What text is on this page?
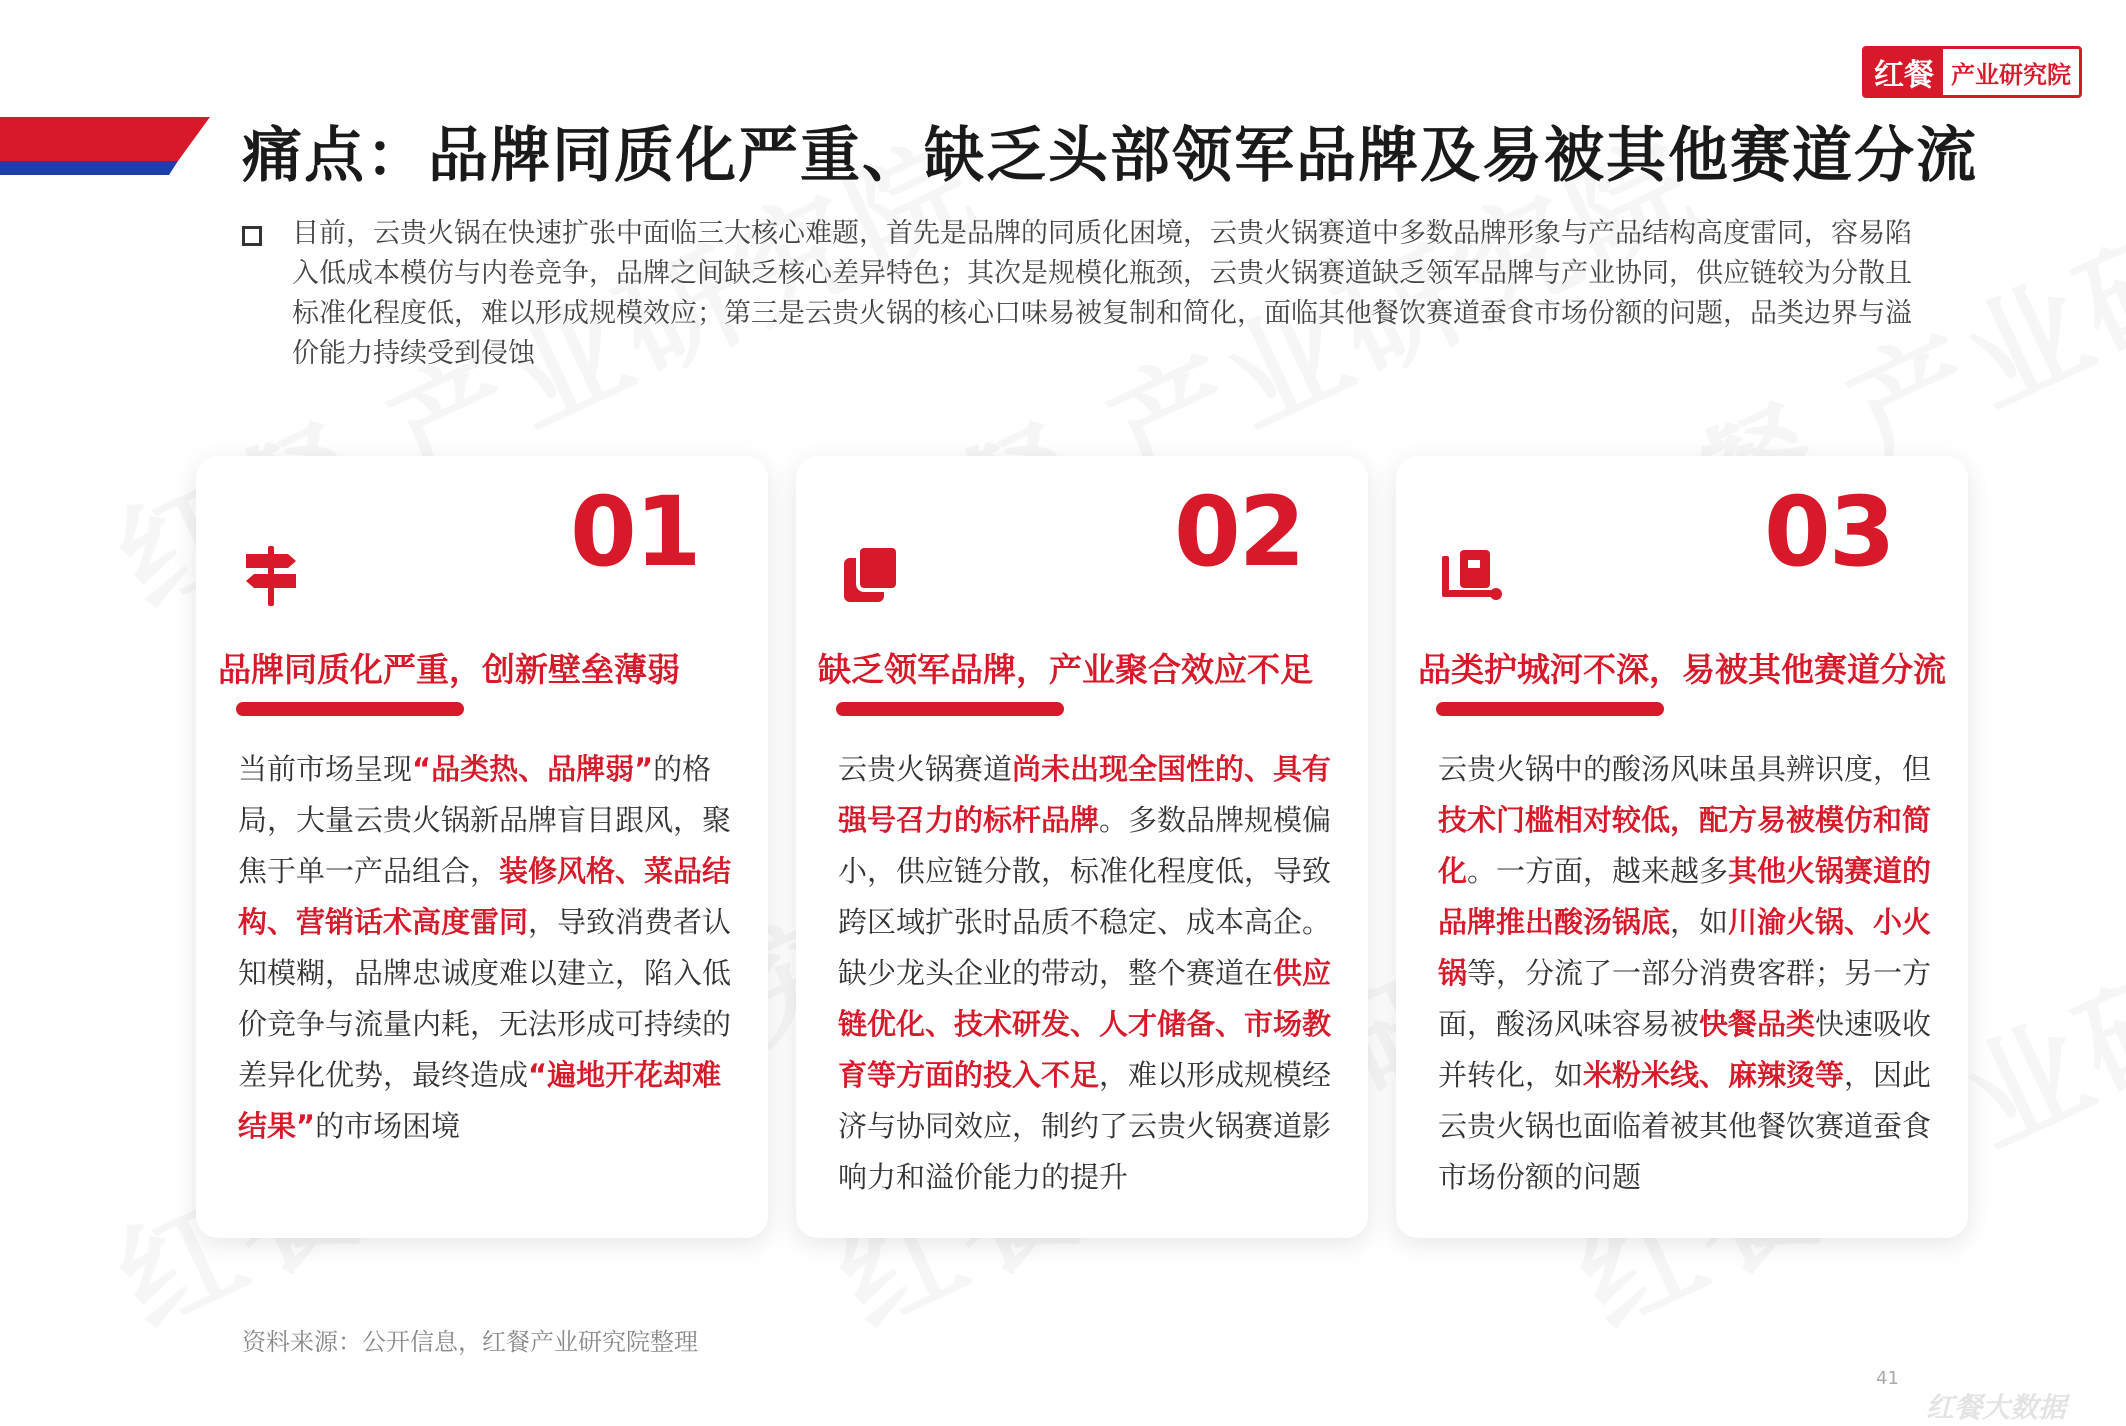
痛点：品牌同质化严重、缺乏头部领军品牌及易被其他赛道分流
红餐 产业研究院

目前，云贵火锅在快速扩张中面临三大核心难题，首先是品牌的同质化困境，云贵火锅赛道中多数品牌形象与产品结构高度雷同，容易陷入低成本模仿与内卷竞争，品牌之间缺乏核心差异特色；其次是规模化瓶颈，云贵火锅赛道缺乏领军品牌与产业协同，供应链较为分散且标准化程度低，难以形成规模效应；第三是云贵火锅的核心口味易被复制和简化，面临其他餐饮赛道蚕食市场份额的问题，品类边界与溢价能力持续受到侵蚀

01
品牌同质化严重，创新壁垒薄弱

当前市场呈现“品类热、品牌弱”的格局，大量云贵火锅新品牌盲目跟风，聚焦于单一产品组合，装修风格、菜品结构、营销话术高度雷同，导致消费者认知模糊，品牌忠诚度难以建立，陷入低价竞争与流量内耗，无法形成可持续的差异化优势，最终造成“遍地开花却难结果”的市场困境

02
缺乏领军品牌，产业聚合效应不足

云贵火锅赛道尚未出现全国性的、具有强号召力的标杆品牌。多数品牌规模偏小，供应链分散，标准化程度低，导致跨区域扩张时品质不稳定、成本高企。缺少龙头企业的带动，整个赛道在供应链优化、技术研发、人才储备、市场教育等方面的投入不足，难以形成规模经济与协同效应，制约了云贵火锅赛道影响力和溢价能力的提升

03
品类护城河不深，易被其他赛道分流

云贵火锅中的酸汤风味虽具辨识度，但技术门槛相对较低，配方易被模仿和简化。一方面，越来越多其他火锅赛道的品牌推出酸汤锅底，如川渝火锅、小火锅等，分流了一部分消费客群；另一方面，酸汤风味容易被快餐品类快速吸收并转化，如米粉米线、麻辣烫等，因此云贵火锅也面临着被其他餐饮赛道蚕食市场份额的问题

资料来源：公开信息，红餐产业研究院整理
41
红餐大数据
